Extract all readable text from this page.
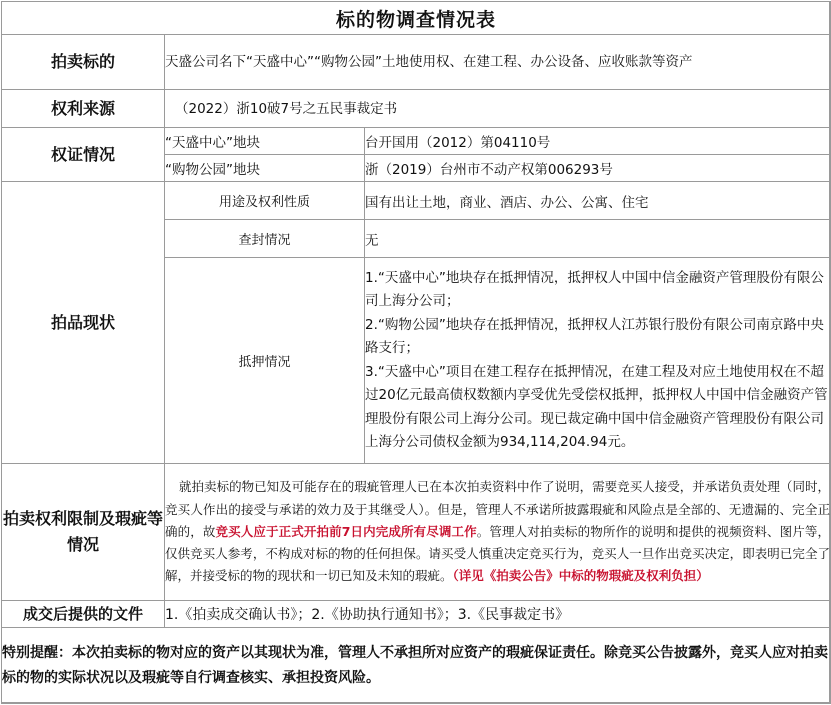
标的物调查情况表		
拍卖标的	天盛公司名下“天盛中心”“购物公园”土地使用权、在建工程、办公设备、应收账款等资产	
权利来源	（2022）浙10破7号之五民事裁定书	
权证情况	“天盛中心”地块	台开国用（2012）第04110号
	“购物公园”地块	浙（2019）台州市不动产权第006293号
拍品现状	用途及权利性质	国有出让土地，商业、酒店、办公、公寓、住宅
	查封情况	无
	抵押情况	1.“天盛中心”地块存在抵押情况，抵押权人中国中信金融资产管理股份有限公司上海分公司；
2.“购物公园”地块存在抵押情况，抵押权人江苏银行股份有限公司南京路中央路支行；
3.“天盛中心”项目在建工程存在抵押情况，在建工程及对应土地使用权在不超过20亿元最高债权数额内享受优先受偿权抵押，抵押权人中国中信金融资产管理股份有限公司上海分公司。现已裁定确中国中信金融资产管理股份有限公司上海分公司债权金额为934,114,204.94元。

拍卖权利限制及瑕疵等情况	就拍卖标的物已知及可能存在的瑕疵管理人已在本次拍卖资料中作了说明，需要竞买人接受，并承诺负责处理（同时，竞买人作出的接受与承诺的效力及于其继受人）。但是，管理人不承诺所披露瑕疵和风险点是全部的、无遗漏的、完全正确的，故竞买人应于正式开拍前7日内完成所有尽调工作。管理人对拍卖标的物所作的说明和提供的视频资料、图片等，仅供竞买人参考，不构成对标的物的任何担保。请买受人慎重决定竞买行为，竞买人一旦作出竞买决定，即表明已完全了解，并接受标的物的现状和一切已知及未知的瑕疵。（详见《拍卖公告》中标的物瑕疵及权利负担）	
成交后提供的文件	1.《拍卖成交确认书》；2.《协助执行通知书》；3.《民事裁定书》	
特别提醒：本次拍卖标的物对应的资产以其现状为准，管理人不承担所对应资产的瑕疵保证责任。除竞买公告披露外，竞买人应对拍卖标的物的实际状况以及瑕疵等自行调查核实、承担投资风险。		
